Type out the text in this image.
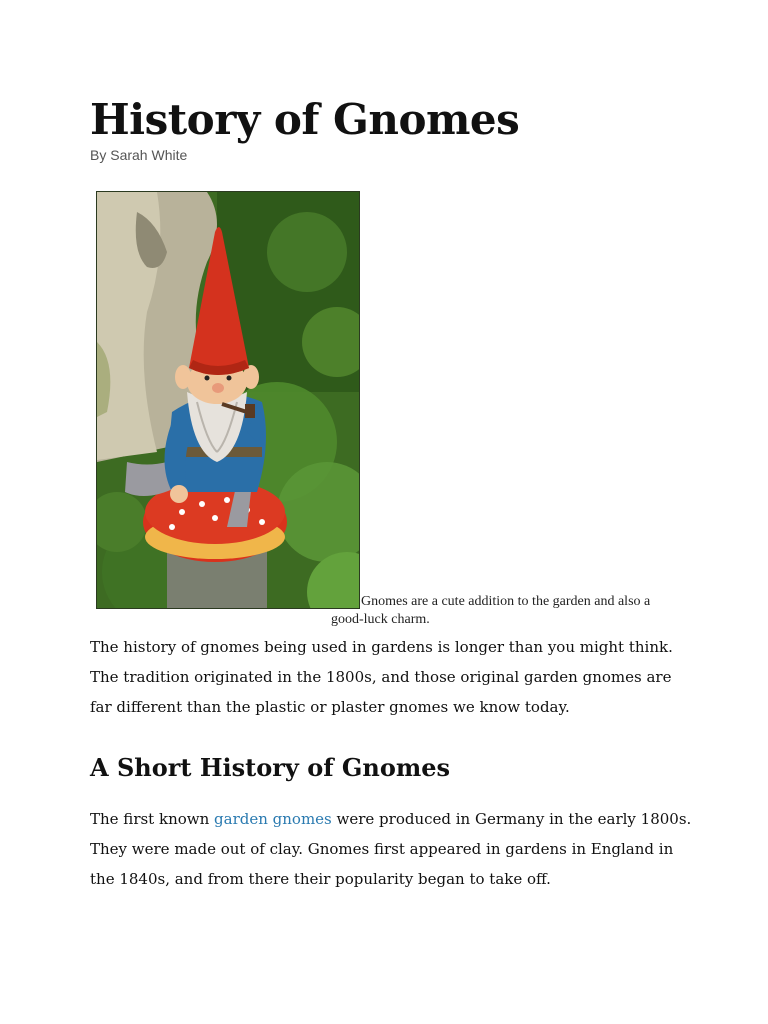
History of Gnomes
By Sarah White
Gnomes are a cute addition to the garden and also a
good-luck charm.

The history of gnomes being used in gardens is longer than you might think.
The tradition originated in the 1800s, and those original garden gnomes are
far different than the plastic or plaster gnomes we know today.

A Short History of Gnomes

The first known garden gnomes were produced in Germany in the early 1800s.
They were made out of clay. Gnomes first appeared in gardens in England in
the 1840s, and from there their popularity began to take off.
